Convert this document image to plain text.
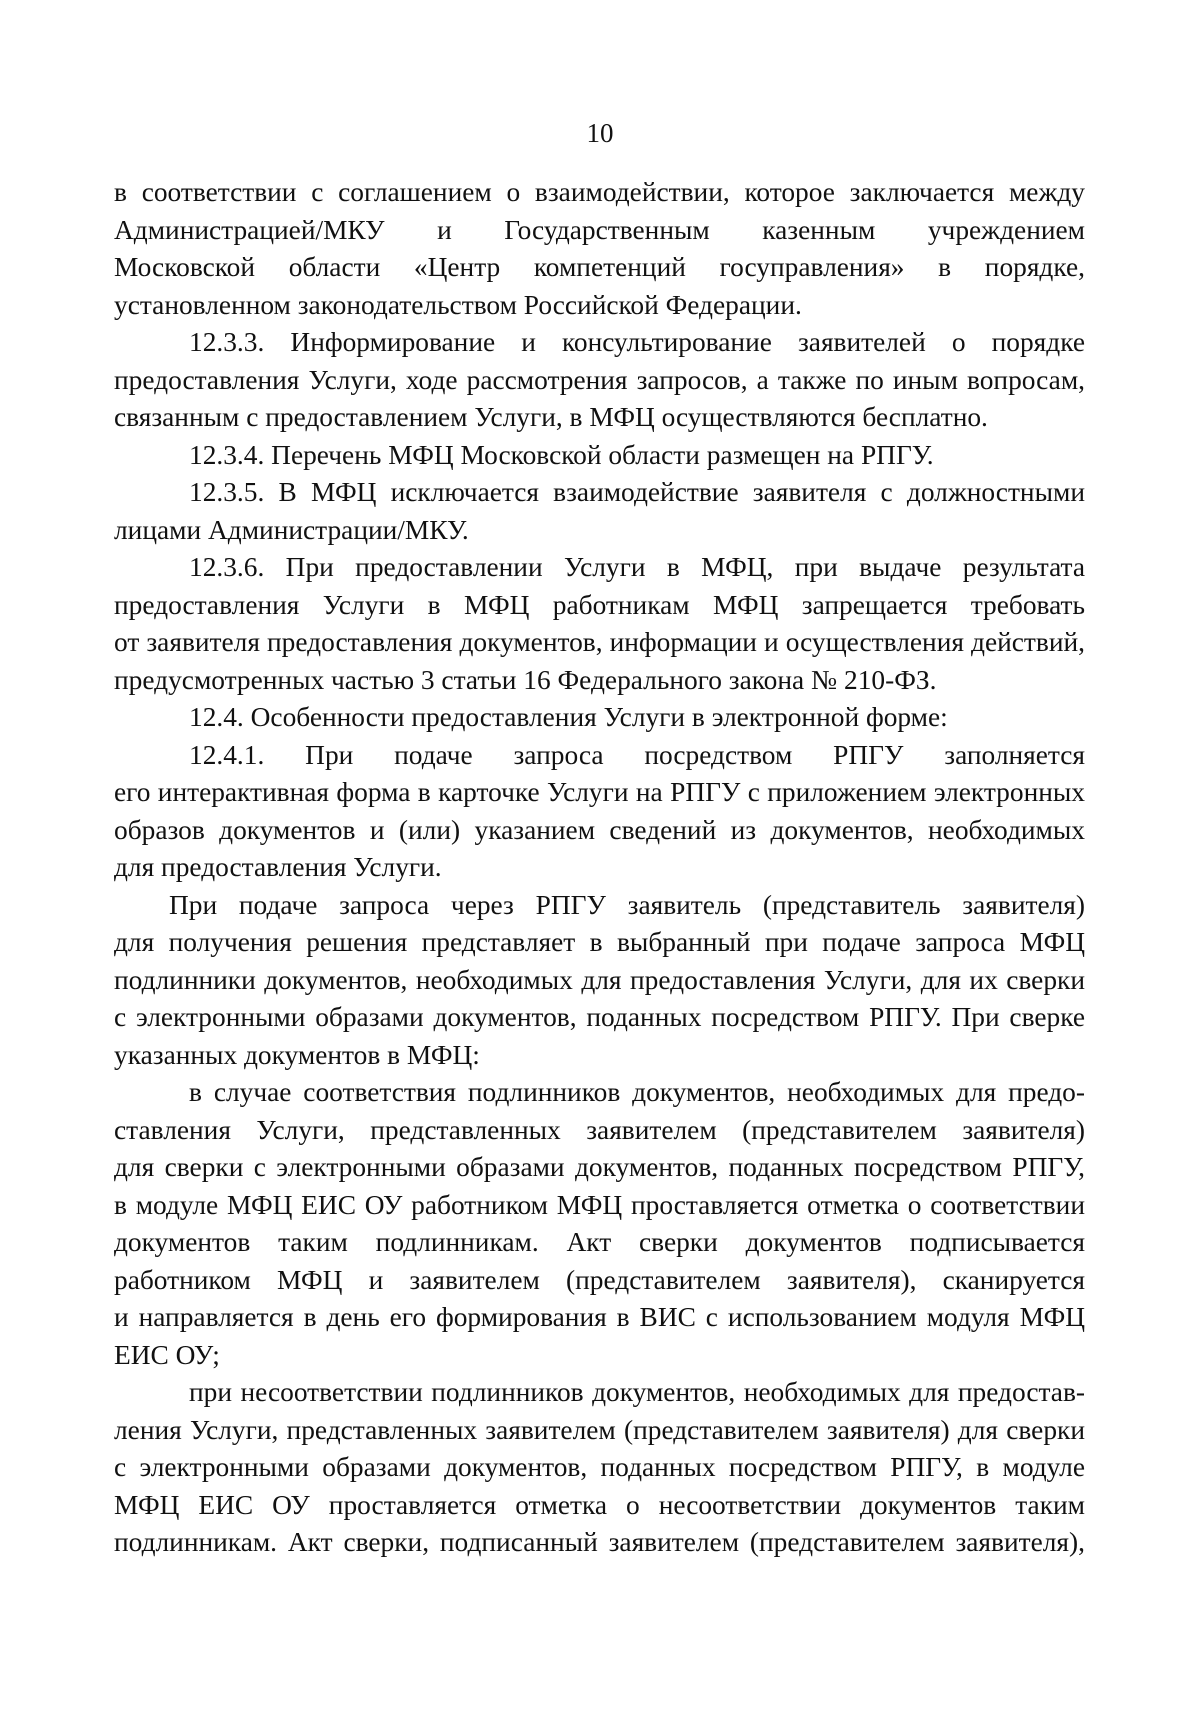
10
в соответствии с соглашением о взаимодействии, которое заключается между
Администрацией/МКУ и Государственным казенным учреждением
Московской области «Центр компетенций госуправления» в порядке,
установленном законодательством Российской Федерации.
12.3.3. Информирование и консультирование заявителей о порядке
предоставления Услуги, ходе рассмотрения запросов, а также по иным вопросам,
связанным с предоставлением Услуги, в МФЦ осуществляются бесплатно.
12.3.4. Перечень МФЦ Московской области размещен на РПГУ.
12.3.5. В МФЦ исключается взаимодействие заявителя с должностными
лицами Администрации/МКУ.
12.3.6. При предоставлении Услуги в МФЦ, при выдаче результата
предоставления Услуги в МФЦ работникам МФЦ запрещается требовать
от заявителя предоставления документов, информации и осуществления действий,
предусмотренных частью 3 статьи 16 Федерального закона № 210-ФЗ.
12.4. Особенности предоставления Услуги в электронной форме:
12.4.1. При подаче запроса посредством РПГУ заполняется
его интерактивная форма в карточке Услуги на РПГУ с приложением электронных
образов документов и (или) указанием сведений из документов, необходимых
для предоставления Услуги.
При подаче запроса через РПГУ заявитель (представитель заявителя)
для получения решения представляет в выбранный при подаче запроса МФЦ
подлинники документов, необходимых для предоставления Услуги, для их сверки
с электронными образами документов, поданных посредством РПГУ. При сверке
указанных документов в МФЦ:
в случае соответствия подлинников документов, необходимых для предо-
ставления Услуги, представленных заявителем (представителем заявителя)
для сверки с электронными образами документов, поданных посредством РПГУ,
в модуле МФЦ ЕИС ОУ работником МФЦ проставляется отметка о соответствии
документов таким подлинникам. Акт сверки документов подписывается
работником МФЦ и заявителем (представителем заявителя), сканируется
и направляется в день его формирования в ВИС с использованием модуля МФЦ
ЕИС ОУ;
при несоответствии подлинников документов, необходимых для предостав-
ления Услуги, представленных заявителем (представителем заявителя) для сверки
с электронными образами документов, поданных посредством РПГУ, в модуле
МФЦ ЕИС ОУ проставляется отметка о несоответствии документов таким
подлинникам. Акт сверки, подписанный заявителем (представителем заявителя),
